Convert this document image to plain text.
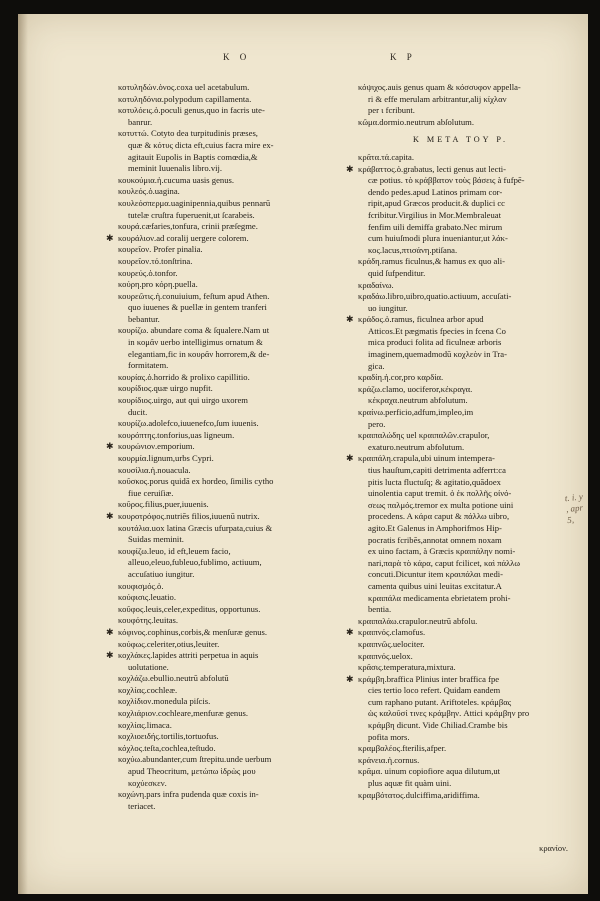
K O	K P
κοτυληδών.ὁνος.coxa uel acetabulum.
κοτυληδόνια.polypodum capillamenta.
κοτυλόεις.ὁ.poculi genus,quo in facris ute-
banrur.
κοτυττώ. Cotyto dea turpitudinis præses,
quæ & κότυς dicta eft,cuius facra mire ex-
agitauit Eupolis in Baptis comœdia,&
meminit Iuuenalis libro.vij.
κουκούμια.ἡ.cucuma uasis genus.
κουλεός.ὁ.uagina.
κουλεόσπερμα.uaginipennia,quibus pennarū
tutelæ cruſtra fuperuenit,ut ſcarabeis.
κουρά.cæfaries,tonfura, crinii præſegme.
✱ κουράλιον.ad coralij uergere colorem.
κουρεῖον. Profer pinalia.
κουρεῖον.τό.tonſtrina.
κουρεύς.ὁ.tonfor.
κούρη.pro κόρη.puella.
κουρεῶτις.ἡ.conuiuium, feſtum apud Athen.
quo iuuenes & puellæ in gentem tranferi
bebantur.
κουρίζω. abundare coma & ſqualere.Nam ut
in κομᾶν uerbo intelligimus ornatum &
elegantiam,fic in κουρᾶν horrorem,& de-
formitatem.
κουρίας.ὁ.horrido & prolixo capillitio.
κουρίδιος.quæ uirgo nupfit.
κουρίδιος.uirgo, aut qui uirgo uxorem
ducit.
κουρίζω.adolefco,iuuenefco,ſum iuuenis.
κουρόπτης.tonforius,uas ligneum.
✱ κουρώνιον.emporium.
κουρμία.lignum,urbs Cypri.
κουσίλια.ἡ.nouacula.
κοῦσκος.porus quidā ex hordeo, ſimilis cytho
fiue ceruiſiæ.
κοῦρος.filius,puer,iuuenis.
✱ κουροτρόφος.nutriēs filios,iuuenū nutrix.
κουτάλια.uox latina Græcis ufurpata,cuius &
Suidas meminit.
κουφίζω.leuo, id eft,leuem facio,
alleuo,eleuo,fubleuo,fublimo, actiuum,
accuſatiuo iungitur.
κουφισμός.ὁ.
κούφισις.leuatio.
κοῦφος.leuis,celer,expeditus, opportunus.
κουφότης.leuitas.
✱ κόφινος.cophinus,corbis,& menſuræ genus.
κούφως.celeriter,otius,leuiter.
✱ κοχλάκες.lapides attriti perpetua in aquis
uolutatione.
κοχλάζω.ebullio.neutrū abfolutū
κοχλίας.cochleæ.
κοχλίδιον.monedula piſcis.
κοχλιάριον.cochleare,menfuræ genus.
κοχλίας.limaca.
κοχλιοειδής.tortilis,tortuofus.
κόχλος.teſta,cochlea,teſtudo.
κοχύω.abundanter,cum ſtrepitu.unde uerbum
apud Theocritum, μετώπω ἱδρὼς μου
κοχύεσκεν.
κοχώνη.pars infra pudenda quæ coxis in-
teriacet.
κόψιχος.auis genus quam & κόσσυφον appella-
ri & effe merulam arbitrantur,alij κίχλαν
per ι fcribunt.
κῶμα.dormio.neutrum abſolutum.
K META TOY P.
κρᾶτα.τά.capita.
✱ κράβαττος.ὁ.grabatus, lecti genus aut lecti-
cæ potius. τὸ κράββατον τοὺς βάσεις à fufpē-
dendo pedes.apud Latinos primam cor-
ripit,apud Græcos producit.& duplici cc
fcribitur.Virgilius in Mor.Membraleuat
fenfim uili demiffa grabato.Nec mirum
cum huiuſmodi plura inueniantur,ut λάκ-
κος.lacus,πτισάνη.ptiſana.
κράδη.ramus ficulnus,& hamus ex quo ali-
quid ſufpenditur.
κραδαίνω.
κραδάω.libro,uibro,quatio.actiuum, accuſati-
uo iungitur.
✱ κράδος.ὁ.ramus, ficulnea arbor apud
Atticos.Et pægmatis fpecies in fcena Co
mica produci folita ad ficulneæ arboris
imaginem,quemadmodū κοχλεὸν in Tra-
gica.
κραδίη.ἡ.cor,pro καρδία.
κράζω.clamo, uociferor,κέκραγα.
κέκραχα.neutrum abfolutum.
κραίνω.perficio,adfum,impleo,im
pero.
κραιπαλώδης uel κραιπαλῶν.crapulor,
exaturo.neutrum abfolutum.
✱ κραιπάλη.crapula,ubi uinum intempera-
tius hauſtum,capiti detrimenta adferrt:ca
pitis lucta fluctuſq; & agitatio,quādoex
uinolentia caput tremit. ὁ ἐκ πολλῆς οἰνό-
σεως παλμός.tremor ex multa potione uini
procedens. A κάρα caput & πάλλω uibro,
agito.Et Galenus in Amphorifmos Hip-
pocratis fcribēs,annotat omnem noxam
ex uino factam, à Græcis κραιπάλην nomi-
nari,παρὰ τὸ κάρα, caput fcilicet, καὶ πάλλω
concuti.Dicuntur item κραιπάλαι medi-
camenta quibus uini leuitas excitatur.A
κραιπάλα medicamenta ebrietatem prohi-
bentia.
κραιπαλάω.crapulor.neutrū abfolu.
✱ κραιπνός.clamofus.
κραιπνῶς.uelociter.
κραιπνός.uelox.
κρᾶσις.temperatura,mixtura.
✱ κράμβη.braffica Plinius inter braffica fpe
cies tertio loco refert. Quidam eandem
cum raphano putant. Ariftoteles. κράμβας
ὡς καλοῦσί τινες κράμβην. Attici κράμβην pro
κράμβη dicunt. Vide Chiliad.Crambe bis
pofita mors.
κραμβαλέος.fterilis,afper.
κράνεια.ἡ.cornus.
κρᾶμα. uinum copiofiore aqua dilutum,ut
plus aquæ fit quàm uini.
κραμβότατος.dulciffima,aridiffima.
t. i. y
, apr 5,
κρανίον.
